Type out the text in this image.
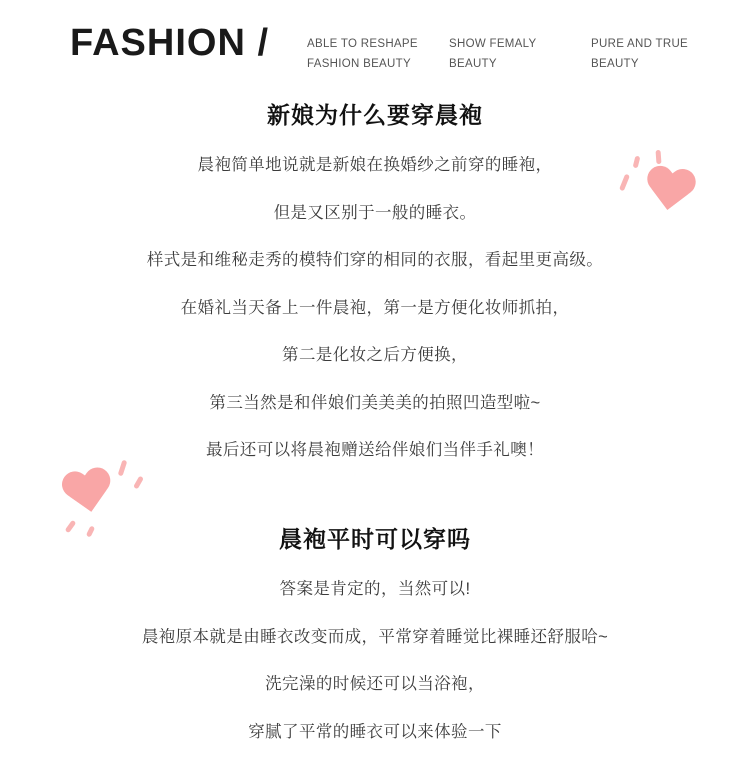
FASHION /	ABLE TO RESHAPE
FASHION BEAUTY
SHOW FEMALY
BEAUTY
PURE AND TRUE
BEAUTY
新娘为什么要穿晨袍

晨袍简单地说就是新娘在换婚纱之前穿的睡袍，

但是又区别于一般的睡衣。

样式是和维秘走秀的模特们穿的相同的衣服，看起里更高级。

在婚礼当天备上一件晨袍，第一是方便化妆师抓拍，

第二是化妆之后方便换，

第三当然是和伴娘们美美美的拍照凹造型啦~

最后还可以将晨袍赠送给伴娘们当伴手礼噢！

晨袍平时可以穿吗

答案是肯定的，当然可以!

晨袍原本就是由睡衣改变而成，平常穿着睡觉比裸睡还舒服哈~

洗完澡的时候还可以当浴袍，

穿腻了平常的睡衣可以来体验一下
